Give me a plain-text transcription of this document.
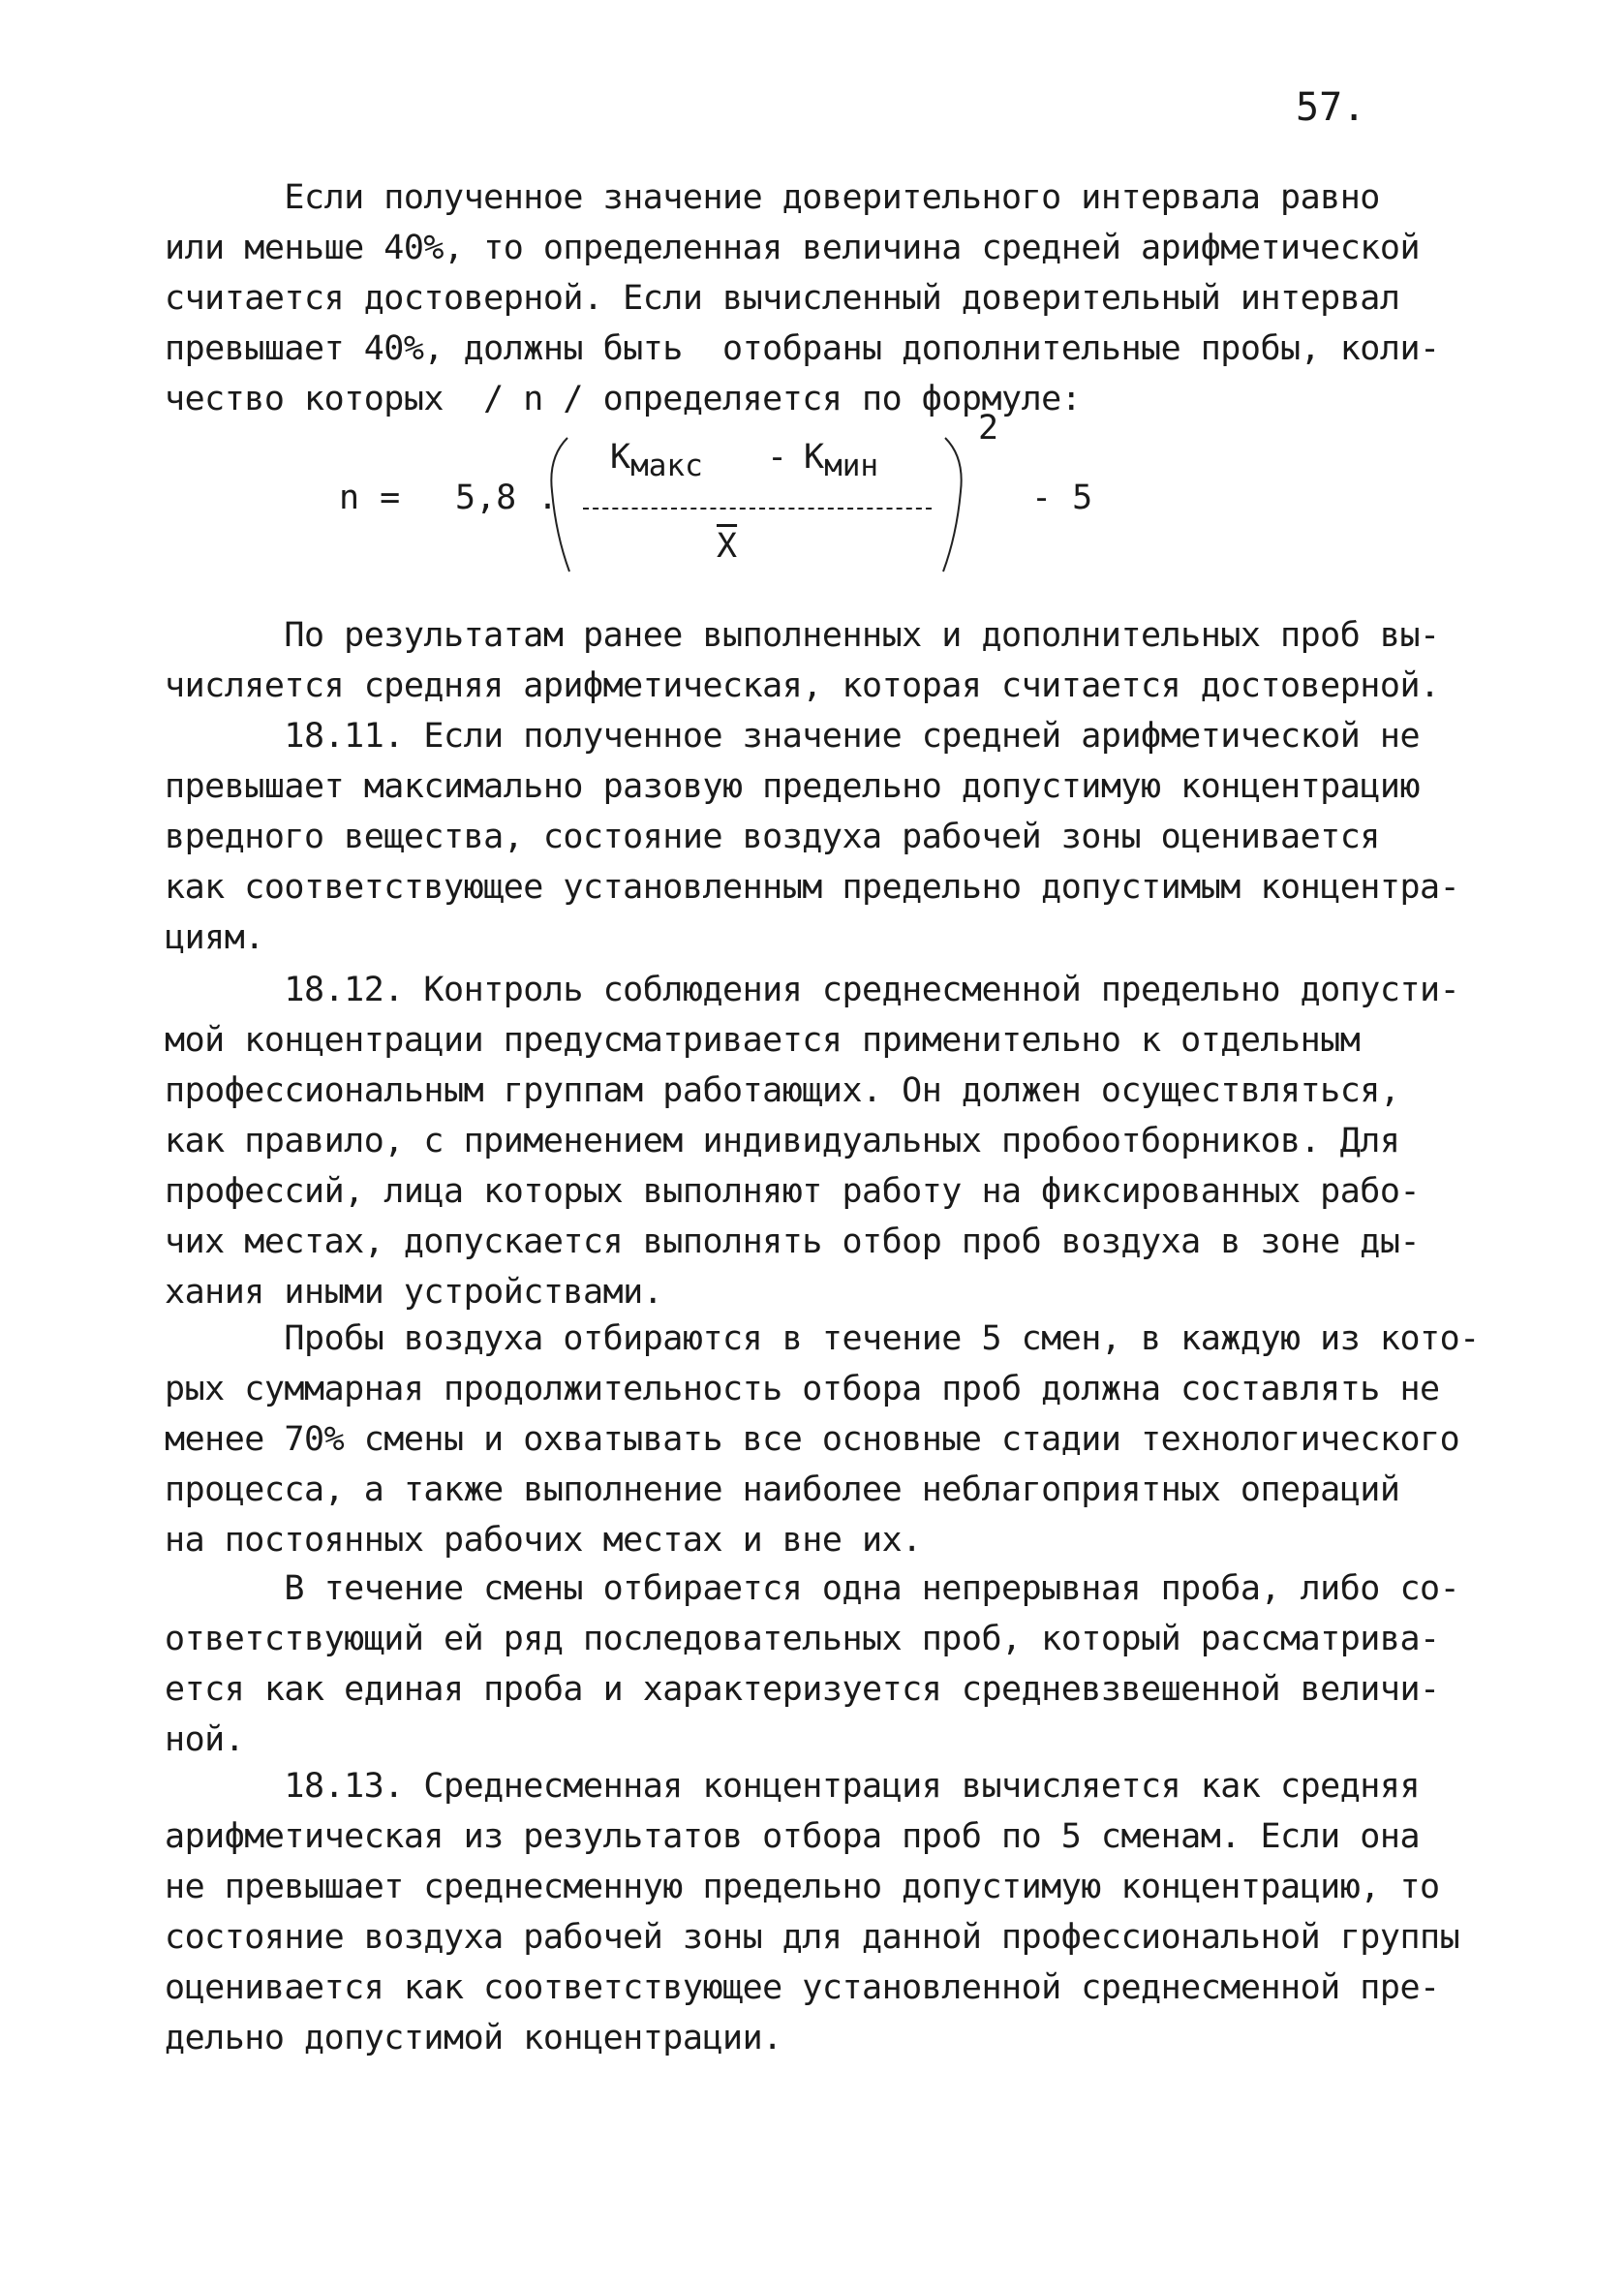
57.
Если полученное значение доверительного интервала равно
или меньше 40%, то определенная величина средней арифметической
считается достоверной. Если вычисленный доверительный интервал
превышает 40%, должны быть  отобраны дополнительные пробы, коли-
чество которых  / n / определяется по формуле:
n = 5,8 .
Kмакс - Kмин
$\overline{X}$
2
- 5
По результатам ранее выполненных и дополнительных проб вы-
числяется средняя арифметическая, которая считается достоверной.
18.11. Если полученное значение средней арифметической не
превышает максимально разовую предельно допустимую концентрацию
вредного вещества, состояние воздуха рабочей зоны оценивается
как соответствующее установленным предельно допустимым концентра-
циям.
18.12. Контроль соблюдения среднесменной предельно допусти-
мой концентрации предусматривается применительно к отдельным
профессиональным группам работающих. Он должен осуществляться,
как правило, с применением индивидуальных пробоотборников. Для
профессий, лица которых выполняют работу на фиксированных рабо-
чих местах, допускается выполнять отбор проб воздуха в зоне ды-
хания иными устройствами.
Пробы воздуха отбираются в течение 5 смен, в каждую из кото-
рых суммарная продолжительность отбора проб должна составлять не
менее 70% смены и охватывать все основные стадии технологического
процесса, а также выполнение наиболее неблагоприятных операций
на постоянных рабочих местах и вне их.
В течение смены отбирается одна непрерывная проба, либо со-
ответствующий ей ряд последовательных проб, который рассматрива-
ется как единая проба и характеризуется средневзвешенной величи-
ной.
18.13. Среднесменная концентрация вычисляется как средняя
арифметическая из результатов отбора проб по 5 сменам. Если она
не превышает среднесменную предельно допустимую концентрацию, то
состояние воздуха рабочей зоны для данной профессиональной группы
оценивается как соответствующее установленной среднесменной пре-
дельно допустимой концентрации.
